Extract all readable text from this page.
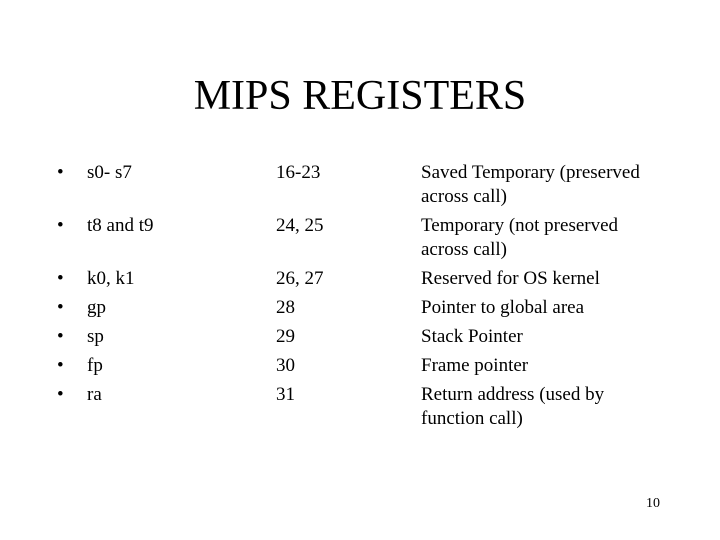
MIPS REGISTERS
• s0- s7	16-23	Saved Temporary (preserved
across call)
• t8 and t9	24, 25	Temporary (not preserved
across call)
• k0, k1	26, 27	Reserved for OS kernel
• gp	28	Pointer to global area
• sp	29	Stack Pointer
• fp	30	Frame pointer
• ra	31	Return address (used by
function call)
10
